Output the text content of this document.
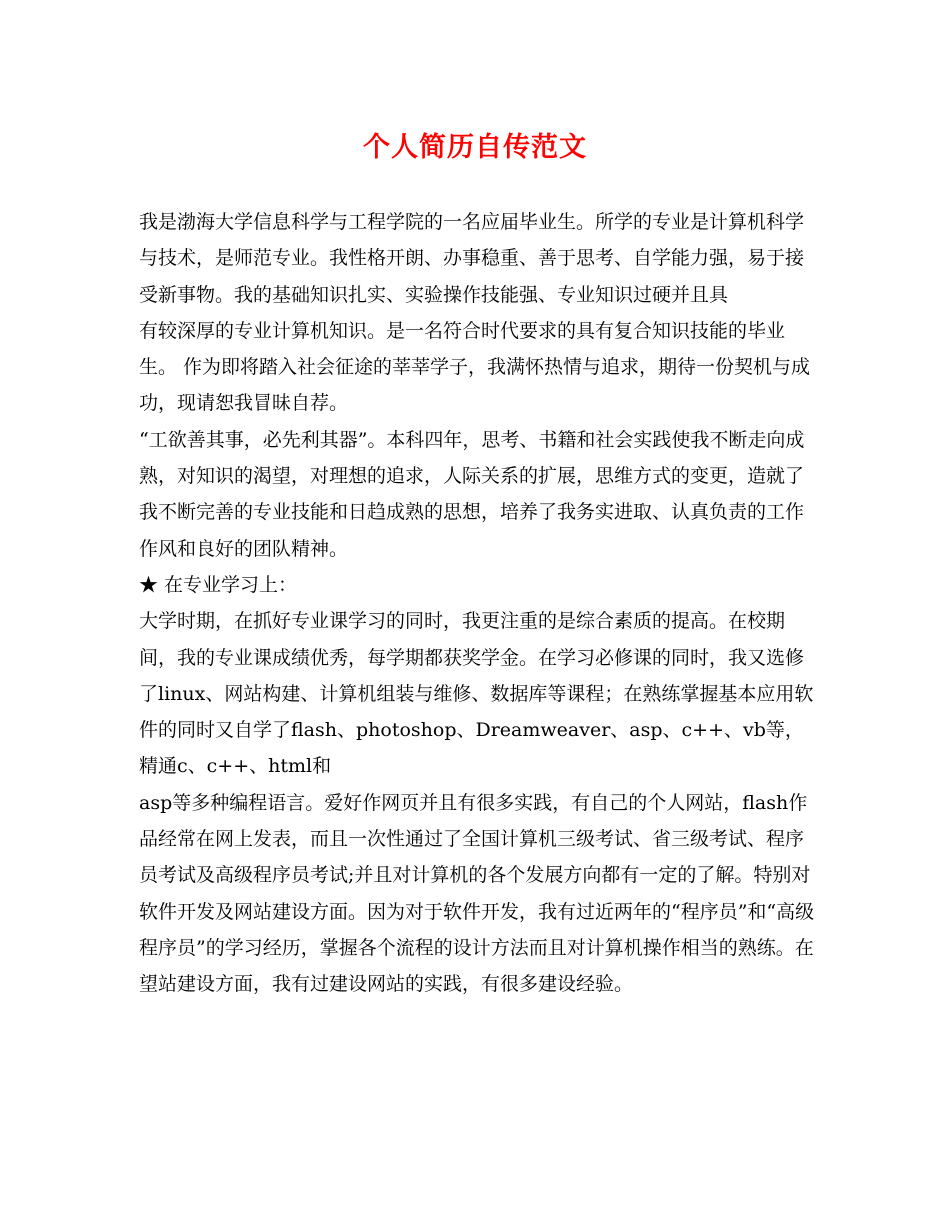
个人简历自传范文

我是渤海大学信息科学与工程学院的一名应届毕业生。所学的专业是计算机科学与技术，是师范专业。我性格开朗、办事稳重、善于思考、自学能力强，易于接受新事物。我的基础知识扎实、实验操作技能强、专业知识过硬并且具

有较深厚的专业计算机知识。是一名符合时代要求的具有复合知识技能的毕业生。 作为即将踏入社会征途的莘莘学子，我满怀热情与追求，期待一份契机与成功，现请恕我冒昧自荐。

“工欲善其事，必先利其器”。本科四年，思考、书籍和社会实践使我不断走向成熟，对知识的渴望，对理想的追求，人际关系的扩展，思维方式的变更，造就了我不断完善的专业技能和日趋成熟的思想，培养了我务实进取、认真负责的工作作风和良好的团队精神。

★ 在专业学习上：

大学时期，在抓好专业课学习的同时，我更注重的是综合素质的提高。在校期间，我的专业课成绩优秀，每学期都获奖学金。在学习必修课的同时，我又选修了linux、网站构建、计算机组装与维修、数据库等课程；在熟练掌握基本应用软件的同时又自学了flash、photoshop、Dreamweaver、asp、c++、vb等，精通c、c++、html和

asp等多种编程语言。爱好作网页并且有很多实践，有自己的个人网站，flash作品经常在网上发表，而且一次性通过了全国计算机三级考试、省三级考试、程序员考试及高级程序员考试;并且对计算机的各个发展方向都有一定的了解。特别对软件开发及网站建设方面。因为对于软件开发，我有过近两年的“程序员”和“高级程序员”的学习经历，掌握各个流程的设计方法而且对计算机操作相当的熟练。在望站建设方面，我有过建设网站的实践，有很多建设经验。
